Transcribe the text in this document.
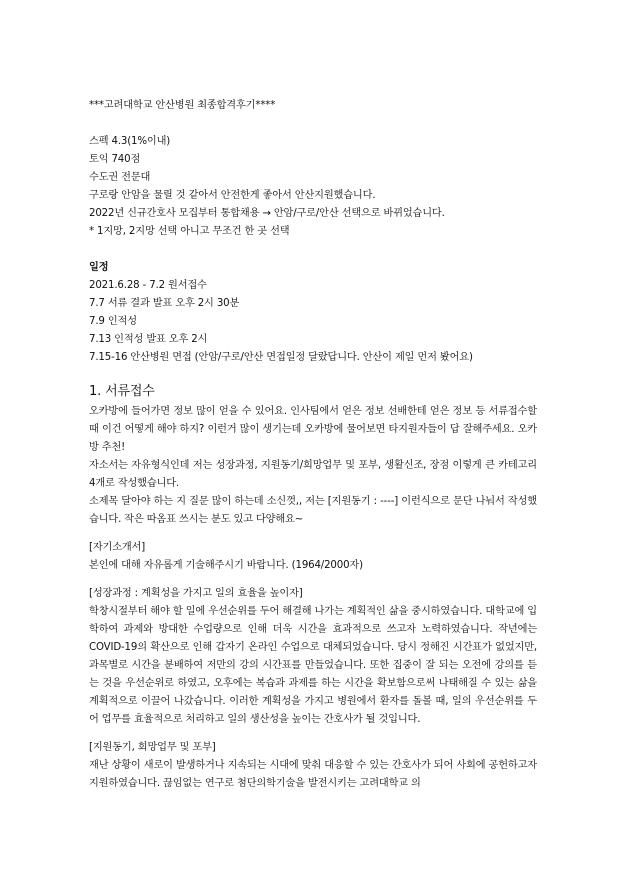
***고려대학교 안산병원 최종합격후기****
스펙 4.3(1%이내)
토익 740점
수도권 전문대
구로랑 안암을 물릴 것 같아서 안전한게 좋아서 안산지원했습니다.
2022년 신규간호사 모집부터 통합채용 → 안암/구로/안산 선택으로 바뀌었습니다.
* 1지망, 2지망 선택 아니고 무조건 한 곳 선택
일정
2021.6.28 - 7.2 원서접수
7.7 서류 결과 발표 오후 2시 30분
7.9 인적성
7.13 인적성 발표 오후 2시
7.15-16 안산병원 면접 (안암/구로/안산 면접일정 달랐답니다. 안산이 제일 먼저 봤어요)
1. 서류접수
오카방에 들어가면 정보 많이 얻을 수 있어요. 인사팀에서 얻은 정보 선배한테 얻은 정보 등 서류접수할 때 이건 어떻게 해야 하지? 이런거 많이 생기는데 오카방에 물어보면 타지원자들이 답 잘해주세요. 오카방 추천!
자소서는 자유형식인데 저는 성장과정, 지원동기/희망업무 및 포부, 생활신조, 장점 이렇게 큰 카테고리 4개로 작성했습니다.
소제목 달아야 하는 지 질문 많이 하는데 소신껏,, 저는 [지원동기 : ----] 이런식으로 문단 나눠서 작성했습니다. 작은 따옴표 쓰시는 분도 있고 다양해요~
[자기소개서]
본인에 대해 자유롭게 기술해주시기 바랍니다. (1964/2000자)
[성장과정 : 계획성을 가지고 일의 효율을 높이자]
학창시절부터 해야 할 일에 우선순위를 두어 해결해 나가는 계획적인 삶을 중시하였습니다. 대학교에 입학하여 과제와 방대한 수업량으로 인해 더욱 시간을 효과적으로 쓰고자 노력하였습니다. 작년에는 COVID-19의 확산으로 인해 갑자기 온라인 수업으로 대체되었습니다. 당시 정해진 시간표가 없었지만, 과목별로 시간을 분배하여 저만의 강의 시간표를 만들었습니다. 또한 집중이 잘 되는 오전에 강의를 듣는 것을 우선순위로 하였고, 오후에는 복습과 과제를 하는 시간을 확보함으로써 나태해질 수 있는 삶을 계획적으로 이끌어 나갔습니다. 이러한 계획성을 가지고 병원에서 환자를 돌볼 때, 일의 우선순위를 두어 업무를 효율적으로 처리하고 일의 생산성을 높이는 간호사가 될 것입니다.
[지원동기, 희망업무 및 포부]
재난 상황이 새로이 발생하거나 지속되는 시대에 맞춰 대응할 수 있는 간호사가 되어 사회에 공헌하고자 지원하였습니다. 끊임없는 연구로 첨단의학기술을 발전시키는 고려대학교 의
